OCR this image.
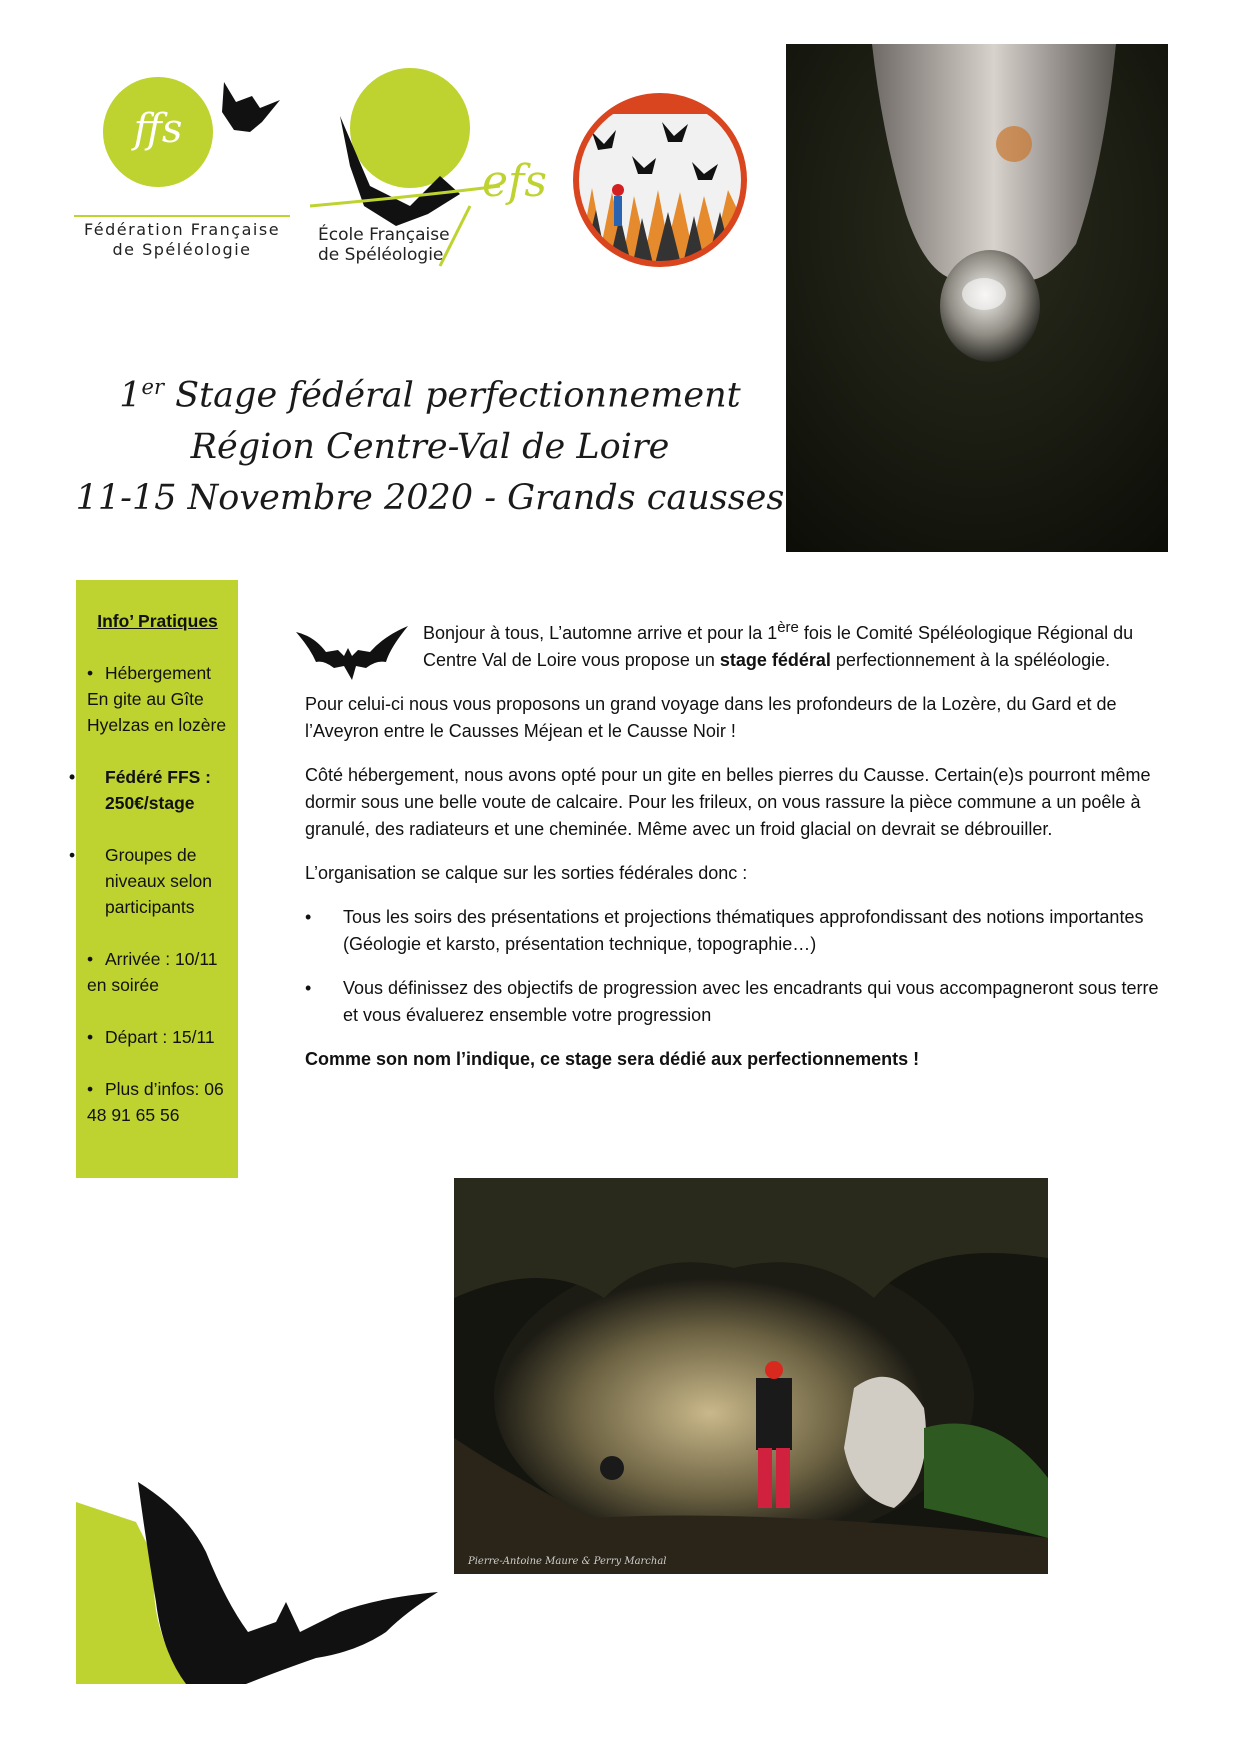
ffs
Fédération Française
de Spéléologie
efs
École Française
de Spéléologie
1er Stage fédéral perfectionnement
Région Centre-Val de Loire
11-15 Novembre 2020 - Grands causses
Info’ Pratiques
• Hébergement En gite au Gîte Hyelzas en lozère
• Fédéré FFS : 250€/stage
• Groupes de niveaux selon participants
• Arrivée : 10/11 en soirée
• Départ : 15/11
• Plus d’infos: 06 48 91 65 56

Bonjour à tous, L’automne arrive et pour la 1ère fois le Comité Spéléologique Régional du Centre Val de Loire vous propose un stage fédéral perfectionnement à la spéléologie.

Pour celui-ci nous vous proposons un grand voyage dans les profondeurs de la Lozère, du Gard et de l’Aveyron entre le Causses Méjean et le Causse Noir !

Côté hébergement, nous avons opté pour un gite en belles pierres du Causse. Certain(e)s pourront même dormir sous une belle voute de calcaire. Pour les frileux, on vous rassure la pièce commune a un poêle à granulé, des radiateurs et une cheminée. Même avec un froid glacial on devrait se débrouiller.

L’organisation se calque sur les sorties fédérales donc :

• Tous les soirs des présentations et projections thématiques approfondissant des notions importantes (Géologie et karsto, présentation technique, topographie…)
• Vous définissez des objectifs de progression avec les encadrants qui vous accompagneront sous terre et vous évaluerez ensemble votre progression

Comme son nom l’indique, ce stage sera dédié aux perfectionnements !

Pierre-Antoine Maure & Perry Marchal
